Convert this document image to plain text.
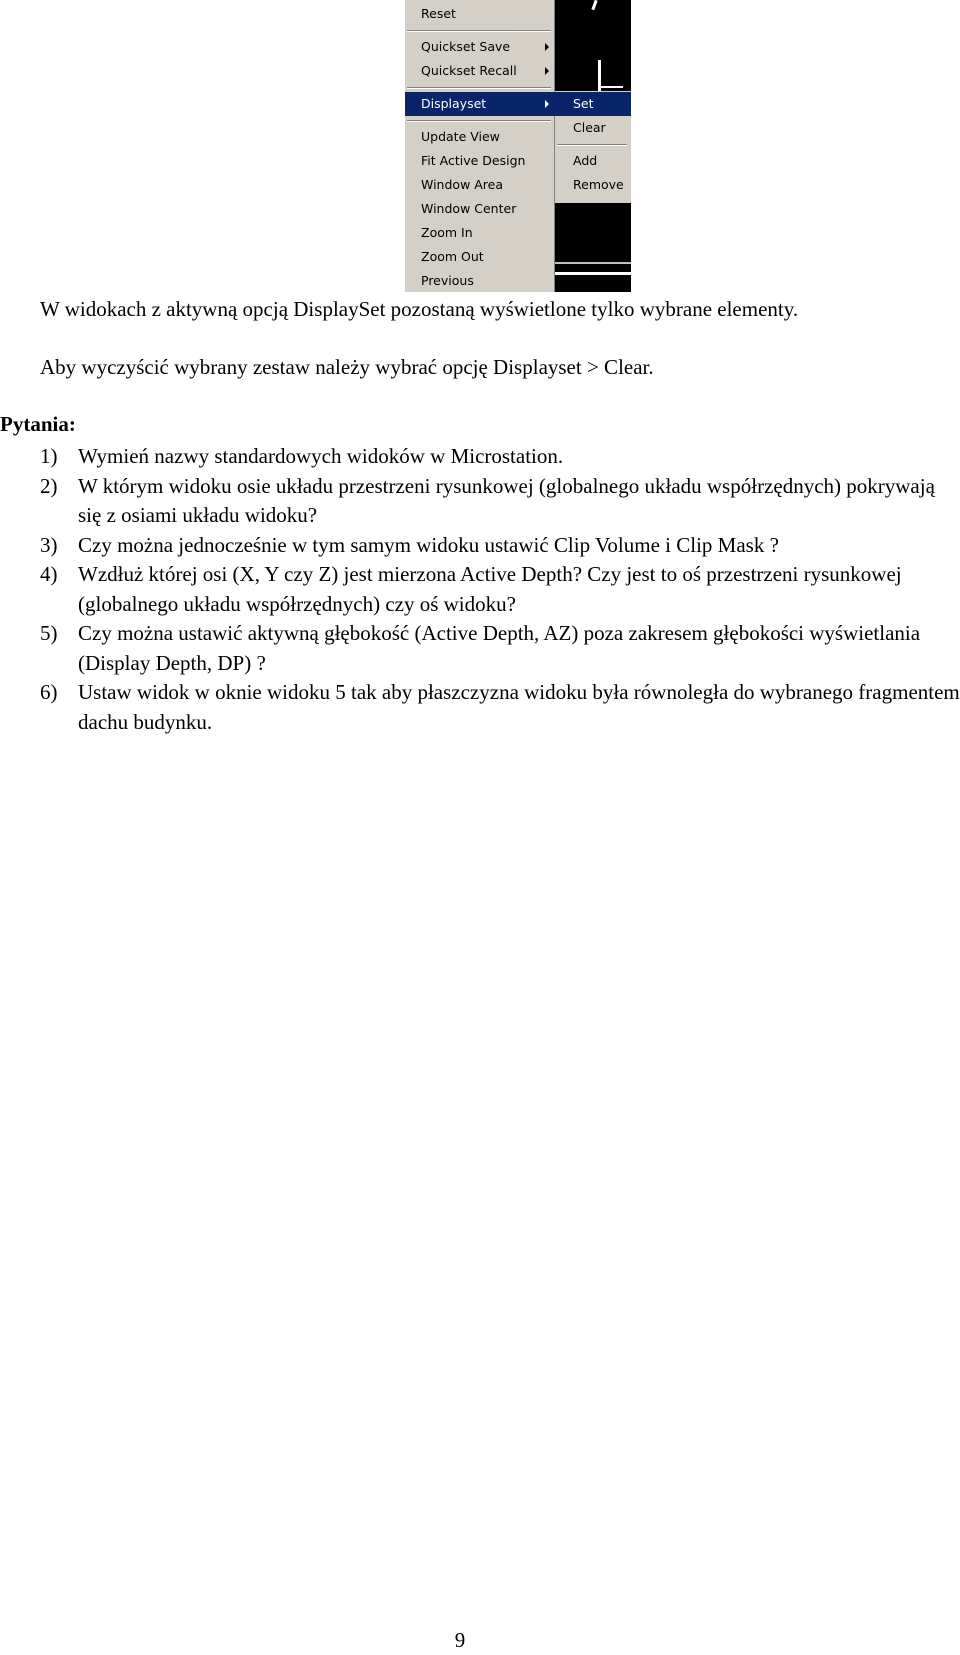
Reset
Quickset Save
Quickset Recall
Displayset
Update View
Fit Active Design
Window Area
Window Center
Zoom In
Zoom Out
Previous
Set
Clear
Add
Remove
W widokach z aktywną opcją DisplaySet pozostaną wyświetlone tylko wybrane elementy.
Aby wyczyścić wybrany zestaw należy wybrać opcję Displayset > Clear.
Pytania:
1) Wymień nazwy standardowych widoków w Microstation.
2) W którym widoku osie układu przestrzeni rysunkowej (globalnego układu współrzędnych) pokrywają się z osiami układu widoku?
3) Czy można jednocześnie w tym samym widoku ustawić Clip Volume i Clip Mask ?
4) Wzdłuż której osi (X, Y czy Z) jest mierzona Active Depth? Czy jest to oś przestrzeni rysunkowej (globalnego układu współrzędnych) czy oś widoku?
5) Czy można ustawić aktywną głębokość (Active Depth, AZ) poza zakresem głębokości wyświetlania (Display Depth, DP) ?
6) Ustaw widok w oknie widoku 5 tak aby płaszczyzna widoku była równoległa do wybranego fragmentem dachu budynku.
9
